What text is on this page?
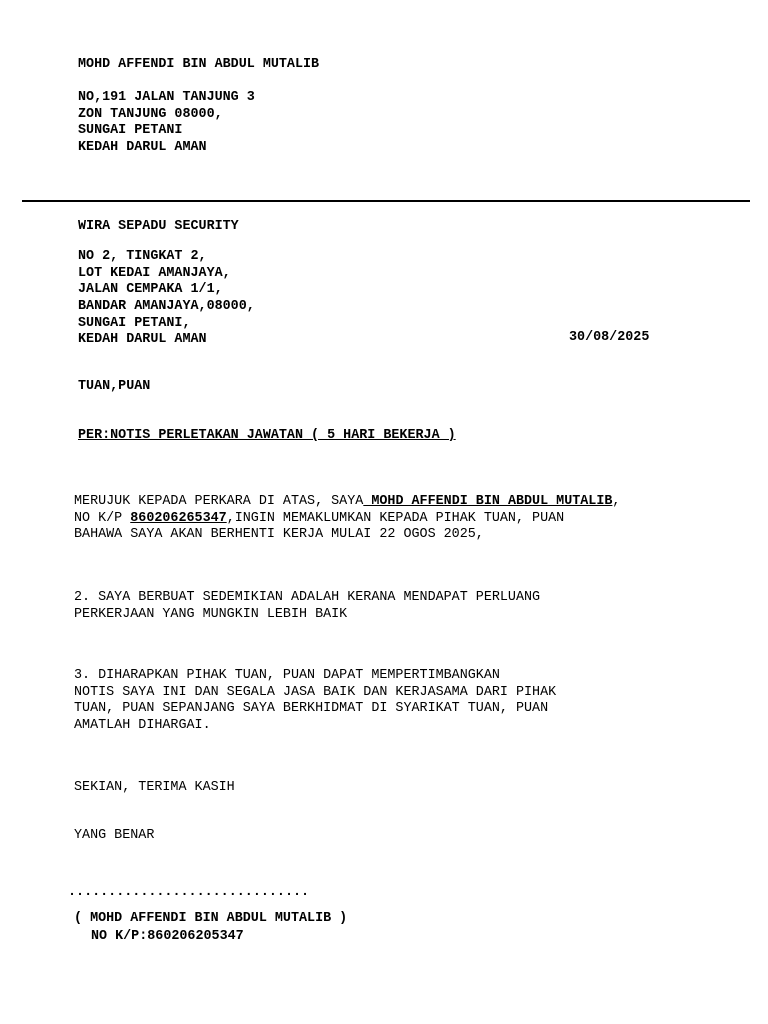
MOHD AFFENDI BIN ABDUL MUTALIB
NO,191 JALAN TANJUNG 3
ZON TANJUNG 08000,
SUNGAI PETANI
KEDAH DARUL AMAN
WIRA SEPADU SECURITY
NO 2, TINGKAT 2,
LOT KEDAI AMANJAYA,
JALAN CEMPAKA 1/1,
BANDAR AMANJAYA,08000,
SUNGAI PETANI,
KEDAH DARUL AMAN	30/08/2025
TUAN,PUAN
PER:NOTIS PERLETAKAN JAWATAN ( 5 HARI BEKERJA )
MERUJUK KEPADA PERKARA DI ATAS, SAYA MOHD AFFENDI BIN ABDUL MUTALIB,
NO K/P 860206265347,INGIN MEMAKLUMKAN KEPADA PIHAK TUAN, PUAN
BAHAWA SAYA AKAN BERHENTI KERJA MULAI 22 OGOS 2025,
2. SAYA BERBUAT SEDEMIKIAN ADALAH KERANA MENDAPAT PERLUANG
PERKERJAAN YANG MUNGKIN LEBIH BAIK
3. DIHARAPKAN PIHAK TUAN, PUAN DAPAT MEMPERTIMBANGKAN
NOTIS SAYA INI DAN SEGALA JASA BAIK DAN KERJASAMA DARI PIHAK
TUAN, PUAN SEPANJANG SAYA BERKHIDMAT DI SYARIKAT TUAN, PUAN
AMATLAH DIHARGAI.
SEKIAN, TERIMA KASIH
YANG BENAR
..............................
( MOHD AFFENDI BIN ABDUL MUTALIB )
NO K/P:860206205347
